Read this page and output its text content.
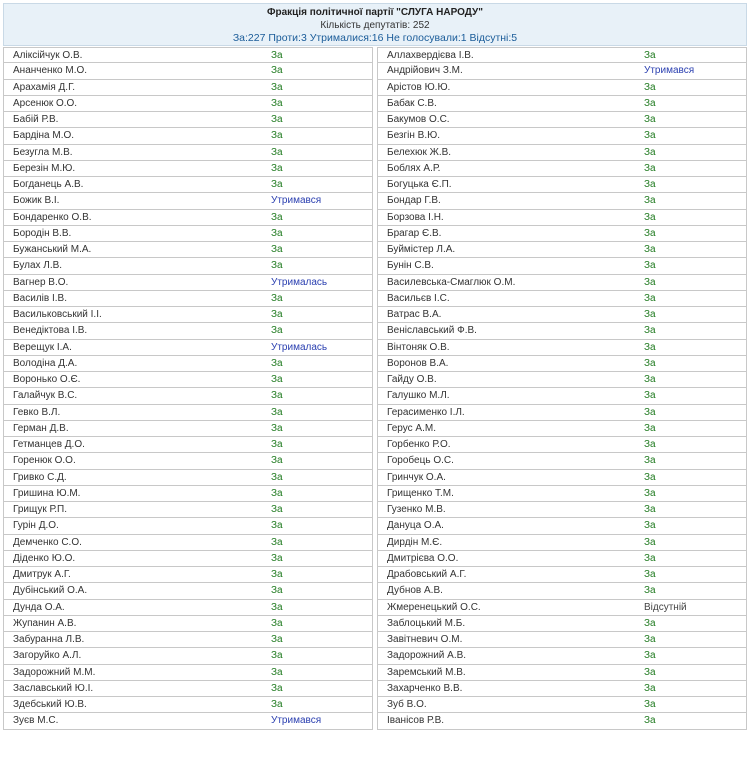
Фракція політичної партії "СЛУГА НАРОДУ"
Кількість депутатів: 252
За:227 Проти:3 Утрималися:16 Не голосували:1 Відсутні:5
Аліксійчук О.В.	За
Ананченко М.О.	За
Арахамія Д.Г.	За
Арсенюк О.О.	За
Бабій Р.В.	За
Бардіна М.О.	За
Безугла М.В.	За
Березін М.Ю.	За
Богданець А.В.	За
Божик В.І.	Утримався
Бондаренко О.В.	За
Бородін В.В.	За
Бужанський М.А.	За
Булах Л.В.	За
Вагнер В.О.	Утрималась
Василів І.В.	За
Васильковський І.І.	За
Венедіктова І.В.	За
Верещук І.А.	Утрималась
Володіна Д.А.	За
Воронько О.Є.	За
Галайчук В.С.	За
Гевко В.Л.	За
Герман Д.В.	За
Гетманцев Д.О.	За
Горенюк О.О.	За
Гривко С.Д.	За
Гришина Ю.М.	За
Грищук Р.П.	За
Гурін Д.О.	За
Демченко С.О.	За
Діденко Ю.О.	За
Дмитрук А.Г.	За
Дубінський О.А.	За
Дунда О.А.	За
Жупанин А.В.	За
Забуранна Л.В.	За
Загоруйко А.Л.	За
Задорожний М.М.	За
Заславський Ю.І.	За
Здебський Ю.В.	За
Зуєв М.С.	Утримався
Аллахвердієва І.В.	За
Андрійович З.М.	Утримався
Арістов Ю.Ю.	За
Бабак С.В.	За
Бакумов О.С.	За
Безгін В.Ю.	За
Белехюк Ж.В.	За
Боблях А.Р.	За
Богуцька Є.П.	За
Бондар Г.В.	За
Борзова І.Н.	За
Брагар Є.В.	За
Буймістер Л.А.	За
Бунін С.В.	За
Василевська-Смаглюк О.М.	За
Васильєв І.С.	За
Ватрас В.А.	За
Веніславський Ф.В.	За
Вінтоняк О.В.	За
Воронов В.А.	За
Гайду О.В.	За
Галушко М.Л.	За
Герасименко І.Л.	За
Герус А.М.	За
Горбенко Р.О.	За
Горобець О.С.	За
Гринчук О.А.	За
Грищенко Т.М.	За
Гузенко М.В.	За
Дануца О.А.	За
Дирдін М.Є.	За
Дмитрієва О.О.	За
Драбовський А.Г.	За
Дубнов А.В.	За
Жмеренецький О.С.	Відсутній
Заблоцький М.Б.	За
Завітневич О.М.	За
Задорожний А.В.	За
Заремський М.В.	За
Захарченко В.В.	За
Зуб В.О.	За
Іванісов Р.В.	За
